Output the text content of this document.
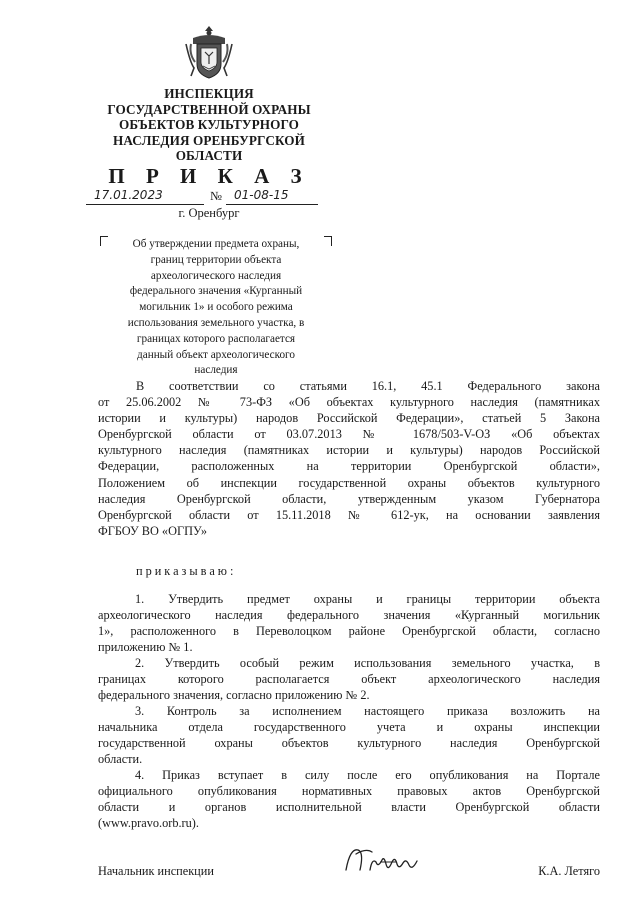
ИНСПЕКЦИЯ
ГОСУДАРСТВЕННОЙ ОХРАНЫ
ОБЪЕКТОВ КУЛЬТУРНОГО
НАСЛЕДИЯ ОРЕНБУРГСКОЙ
ОБЛАСТИ
П Р И К А З
17.01.2023	№ 01-08-15
г. Оренбург
Об утверждении предмета охраны,
границ территории объекта
археологического наследия
федерального значения «Курганный
могильник 1» и особого режима
использования земельного участка, в
границах которого располагается
данный объект археологического
наследия
В соответствии со статьями 16.1, 45.1 Федерального закона
от 25.06.2002 № 73-ФЗ «Об объектах культурного наследия (памятниках
истории и культуры) народов Российской Федерации», статьей 5 Закона
Оренбургской области от 03.07.2013 № 1678/503-V-ОЗ «Об объектах
культурного наследия (памятниках истории и культуры) народов Российской
Федерации, расположенных на территории Оренбургской области»,
Положением об инспекции государственной охраны объектов культурного
наследия Оренбургской области, утвержденным указом Губернатора
Оренбургской области от 15.11.2018 № 612-ук, на основании заявления
ФГБОУ ВО «ОГПУ»
приказываю:
1. Утвердить предмет охраны и границы территории объекта
археологического наследия федерального значения «Курганный могильник
1», расположенного в Переволоцком районе Оренбургской области, согласно
приложению № 1.
2. Утвердить особый режим использования земельного участка, в
границах которого располагается объект археологического наследия
федерального значения, согласно приложению № 2.
3. Контроль за исполнением настоящего приказа возложить на
начальника отдела государственного учета и охраны инспекции
государственной охраны объектов культурного наследия Оренбургской
области.
4. Приказ вступает в силу после его опубликования на Портале
официального опубликования нормативных правовых актов Оренбургской
области и органов исполнительной власти Оренбургской области
(www.pravo.orb.ru).
Начальник инспекции	К.А. Летяго
